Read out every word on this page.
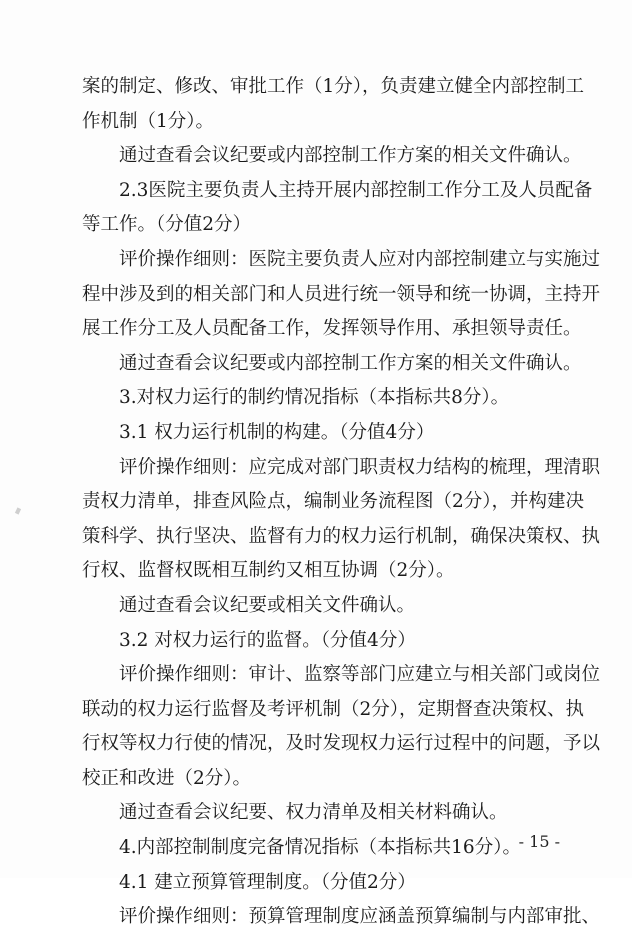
案的制定、修改、审批工作（1分），负责建立健全内部控制工
作机制（1分）。
通过查看会议纪要或内部控制工作方案的相关文件确认。
2.3医院主要负责人主持开展内部控制工作分工及人员配备
等工作。（分值2分）
评价操作细则：医院主要负责人应对内部控制建立与实施过
程中涉及到的相关部门和人员进行统一领导和统一协调，主持开
展工作分工及人员配备工作，发挥领导作用、承担领导责任。
通过查看会议纪要或内部控制工作方案的相关文件确认。
3.对权力运行的制约情况指标（本指标共8分）。
3.1 权力运行机制的构建。（分值4分）
评价操作细则：应完成对部门职责权力结构的梳理，理清职
责权力清单，排查风险点，编制业务流程图（2分），并构建决
策科学、执行坚决、监督有力的权力运行机制，确保决策权、执
行权、监督权既相互制约又相互协调（2分）。
通过查看会议纪要或相关文件确认。
3.2 对权力运行的监督。（分值4分）
评价操作细则：审计、监察等部门应建立与相关部门或岗位
联动的权力运行监督及考评机制（2分），定期督查决策权、执
行权等权力行使的情况，及时发现权力运行过程中的问题，予以
校正和改进（2分）。
通过查看会议纪要、权力清单及相关材料确认。
4.内部控制制度完备情况指标（本指标共16分）。
4.1 建立预算管理制度。（分值2分）
评价操作细则：预算管理制度应涵盖预算编制与内部审批、
- 15 -
